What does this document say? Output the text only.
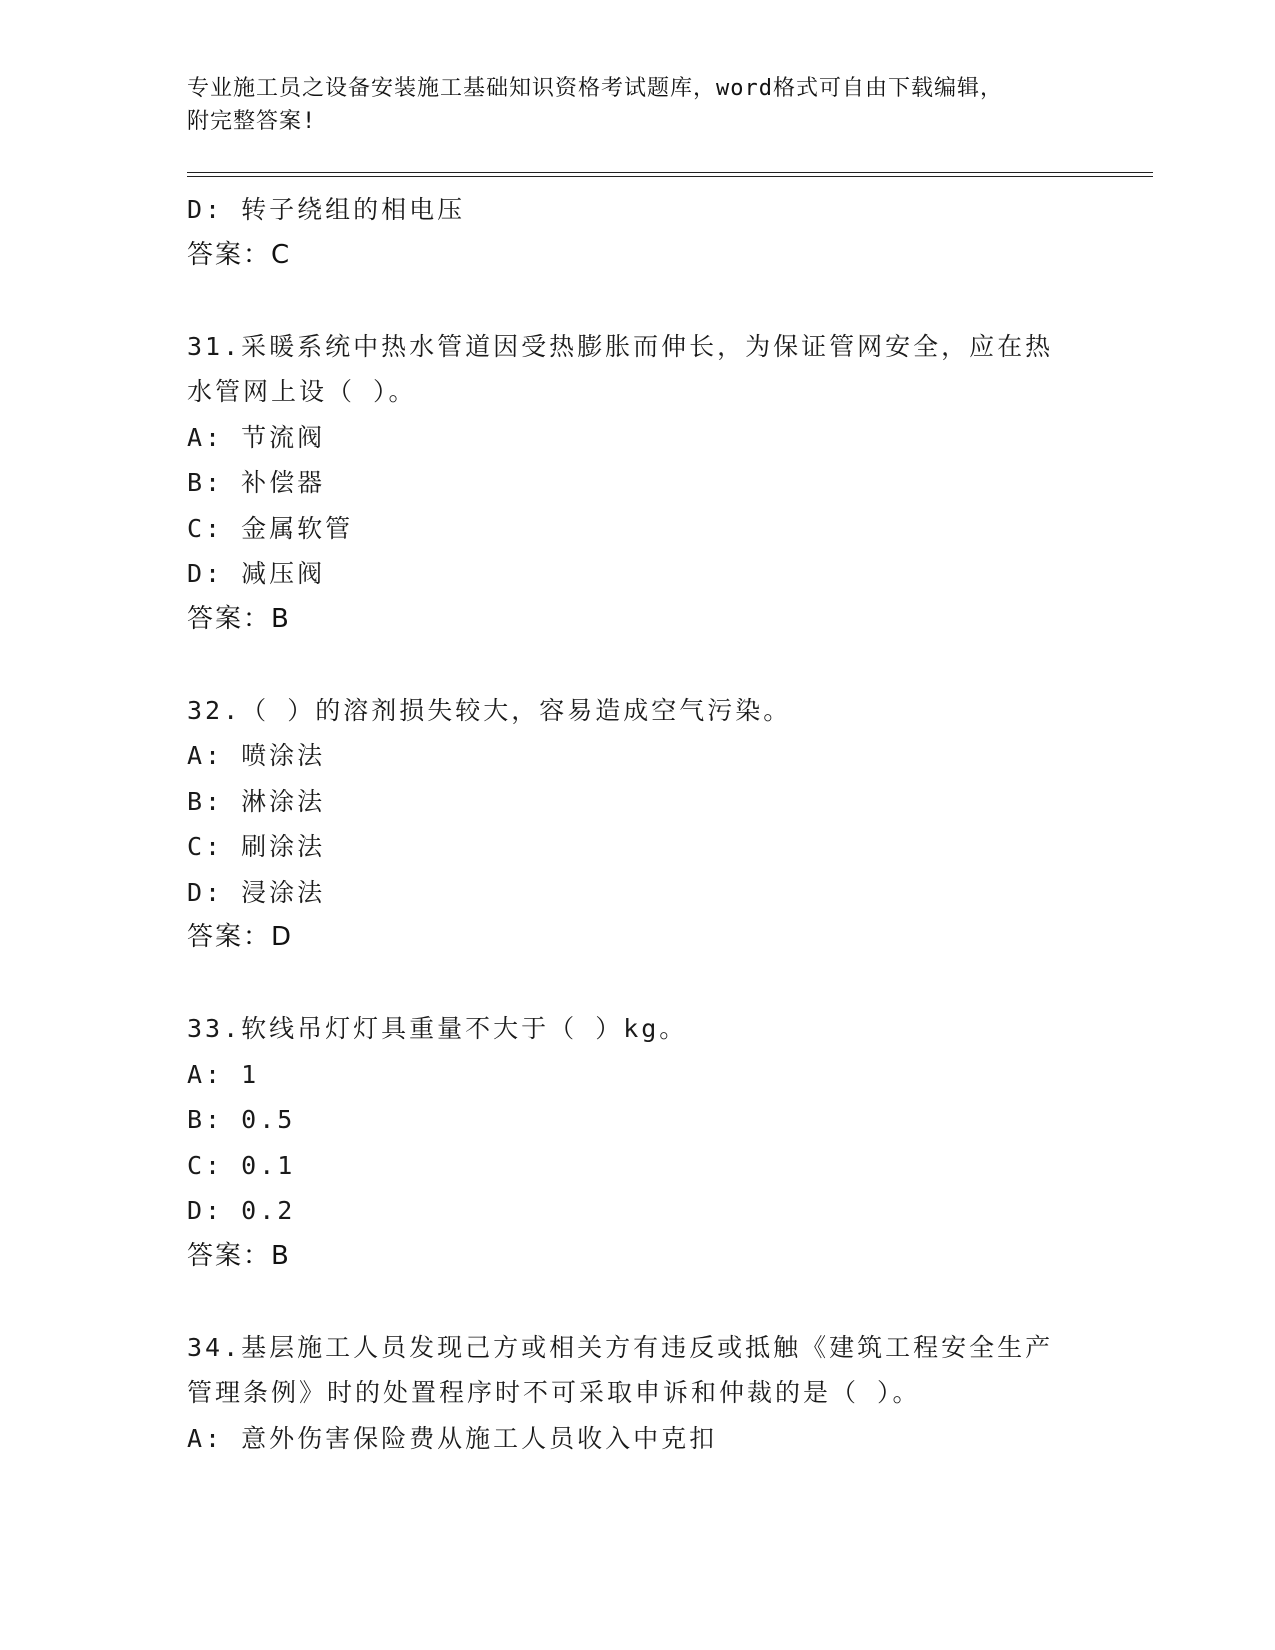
专业施工员之设备安装施工基础知识资格考试题库，word格式可自由下载编辑，
附完整答案!
D: 转子绕组的相电压
答案：C
31.采暖系统中热水管道因受热膨胀而伸长，为保证管网安全，应在热
水管网上设（ ）。
A: 节流阀
B: 补偿器
C: 金属软管
D: 减压阀
答案：B
32.（ ）的溶剂损失较大，容易造成空气污染。
A: 喷涂法
B: 淋涂法
C: 刷涂法
D: 浸涂法
答案：D
33.软线吊灯灯具重量不大于（ ）kg。
A: 1
B: 0.5
C: 0.1
D: 0.2
答案：B
34.基层施工人员发现己方或相关方有违反或抵触《建筑工程安全生产
管理条例》时的处置程序时不可采取申诉和仲裁的是（ ）。
A: 意外伤害保险费从施工人员收入中克扣
